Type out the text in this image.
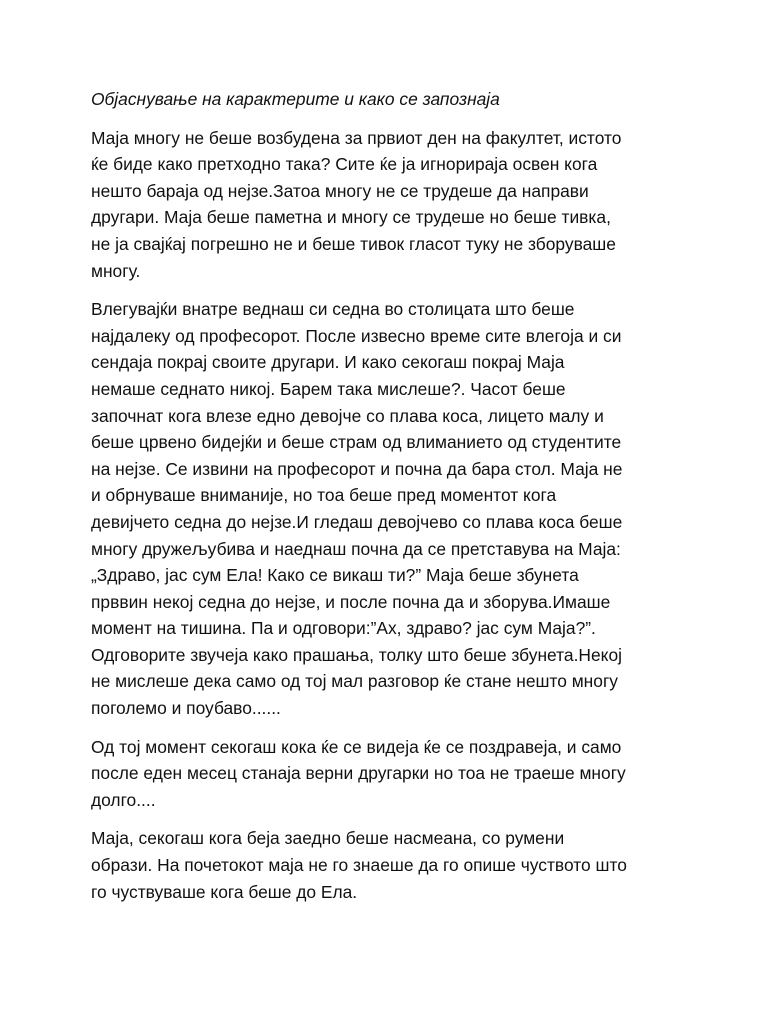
Објаснување на карактерите и како се запознаја
Маја многу не беше возбудена за првиот ден на факултет, истото
ќе биде како претходно така? Сите ќе ја игнорираја освен кога
нешто бараја од нејзе.Затоа многу не се трудеше да направи
другари. Маја беше паметна и многу се трудеше но беше тивка,
не ја сваjќај погрешно не и беше тивок гласот туку не зборуваше
многу.
Влегувајќи внатре веднаш си седна во столицата што беше
најдалеку од професорот. После извесно време сите влегоја и си
сендаја покрај своите другари. И како секогаш покрај Маја
немаше седнато никој. Барем така мислеше?. Часот беше
започнат кога влезе едно девојче со плава коса, лицето малу и
беше црвено бидејќи и беше страм од влиманието од студентите
на нејзе. Се извини на професорот и почна да бара стол. Маја не
и обрнуваше вниманије, но тоа беше пред моментот кога
девијчето седна до нејзе.И гледаш девојчево со плава коса беше
многу дружељубива и наеднаш почна да се претставува на Маја:
„Здраво, јас сум Ела! Како се викаш ти?” Маја беше збунета
прввин некој седна до нејзе, и после почна да и зборува.Имаше
момент на тишина. Па и одговори:”Ах, здраво? јас сум Маја?”.
Одговорите звучеја како прашања, толку што беше збунета.Некој
не мислеше дека само од тој мал разговор ќе стане нешто многу
поголемо и поубаво......
Од тој момент секогаш кока ќе се видеја ќе се поздравеја, и само
после еден месец станаја верни другарки но тоа не траеше многу
долго....
Маја, секогаш кога беја заедно беше насмеана, со румени
образи. На почетокот маја не го знаеше да го опише чуството што
го чуствуваше кога беше до Ела.
